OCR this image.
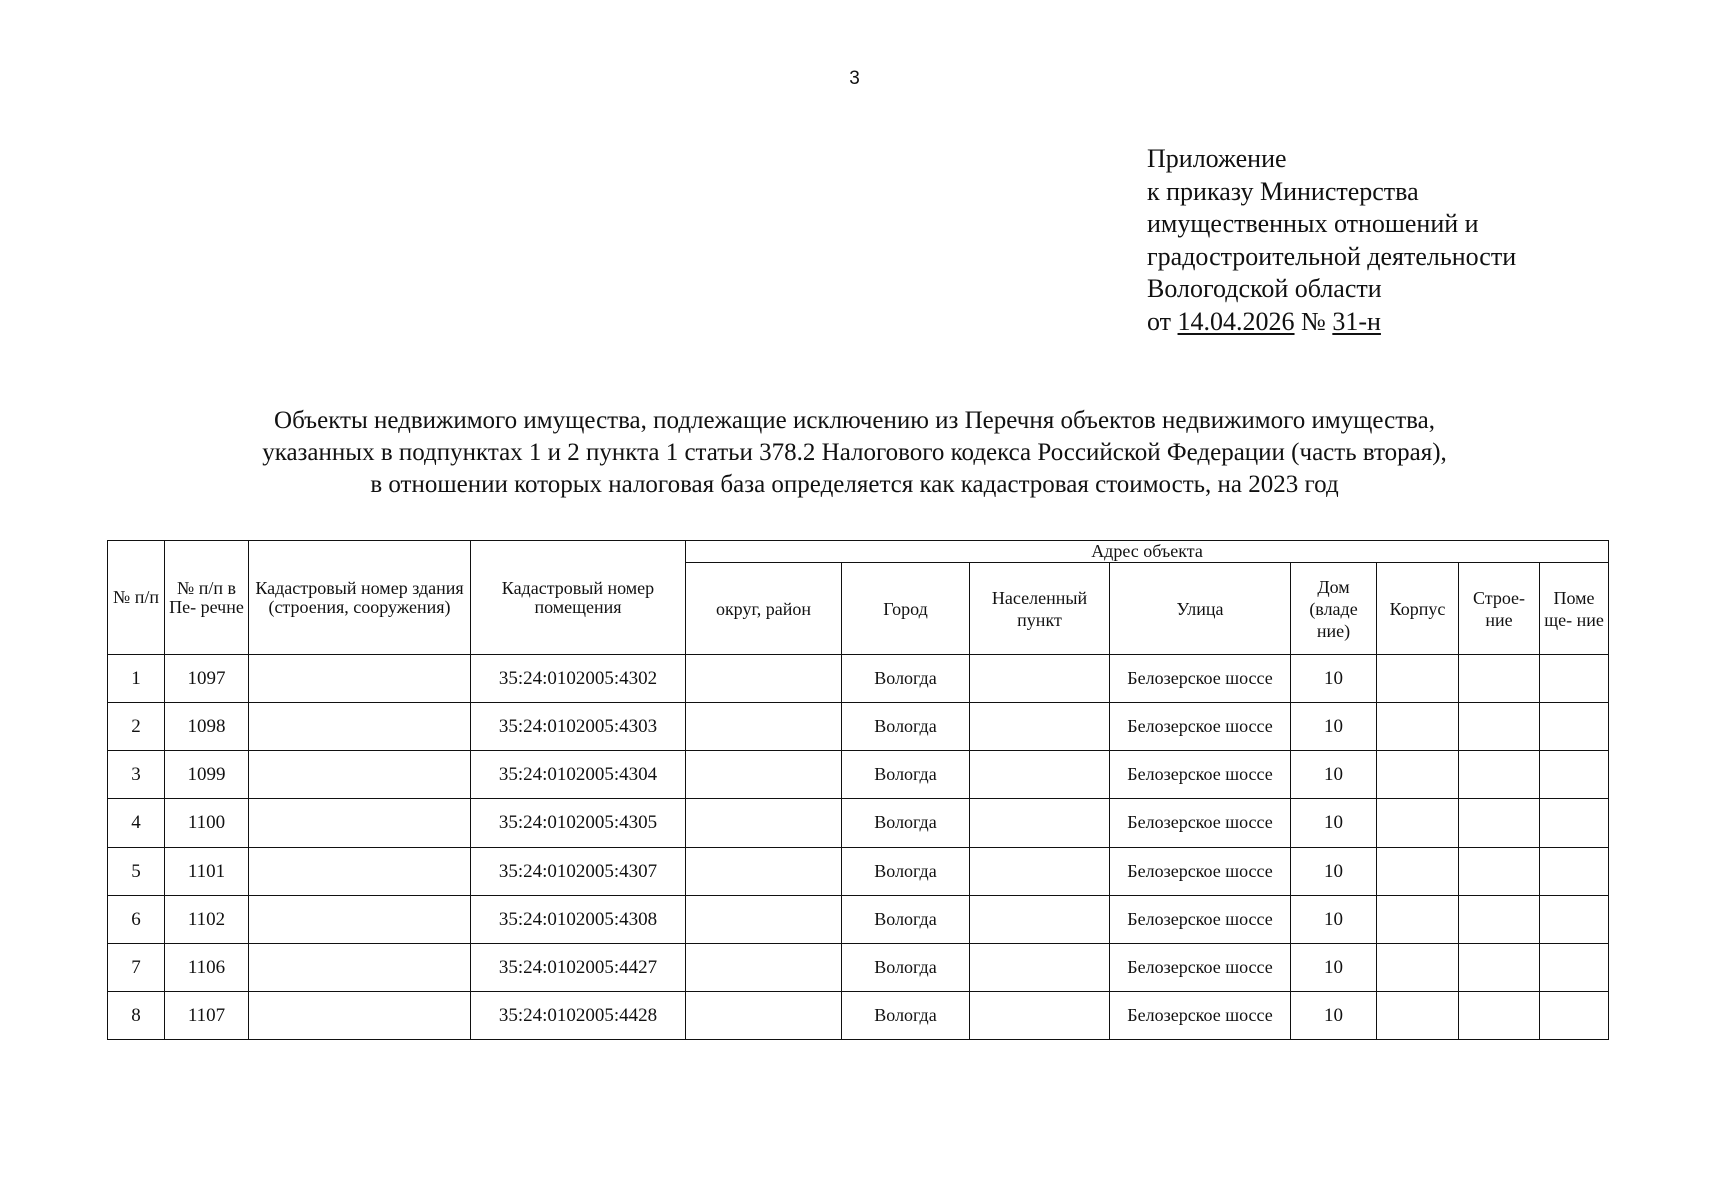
3
Приложение
к приказу Министерства
имущественных отношений и
градостроительной деятельности
Вологодской области
от 14.04.2026 № 31-н
Объекты недвижимого имущества, подлежащие исключению из Перечня объектов недвижимого имущества,
указанных в подпунктах 1 и 2 пункта 1 статьи 378.2 Налогового кодекса Российской Федерации (часть вторая),
в отношении которых налоговая база определяется как кадастровая стоимость, на 2023 год
№ п/п	№ п/п в Пе- речне	Кадастровый номер здания (строения, сооружения)	Кадастровый номер помещения	Адрес объекта							
				округ, район	Город	Населенный пункт	Улица	Дом (владе ние)	Корпус	Строе- ние	Поме ще- ние
1	1097		35:24:0102005:4302		Вологда		Белозерское шоссе	10			
2	1098		35:24:0102005:4303		Вологда		Белозерское шоссе	10			
3	1099		35:24:0102005:4304		Вологда		Белозерское шоссе	10			
4	1100		35:24:0102005:4305		Вологда		Белозерское шоссе	10			
5	1101		35:24:0102005:4307		Вологда		Белозерское шоссе	10			
6	1102		35:24:0102005:4308		Вологда		Белозерское шоссе	10			
7	1106		35:24:0102005:4427		Вологда		Белозерское шоссе	10			
8	1107		35:24:0102005:4428		Вологда		Белозерское шоссе	10			
